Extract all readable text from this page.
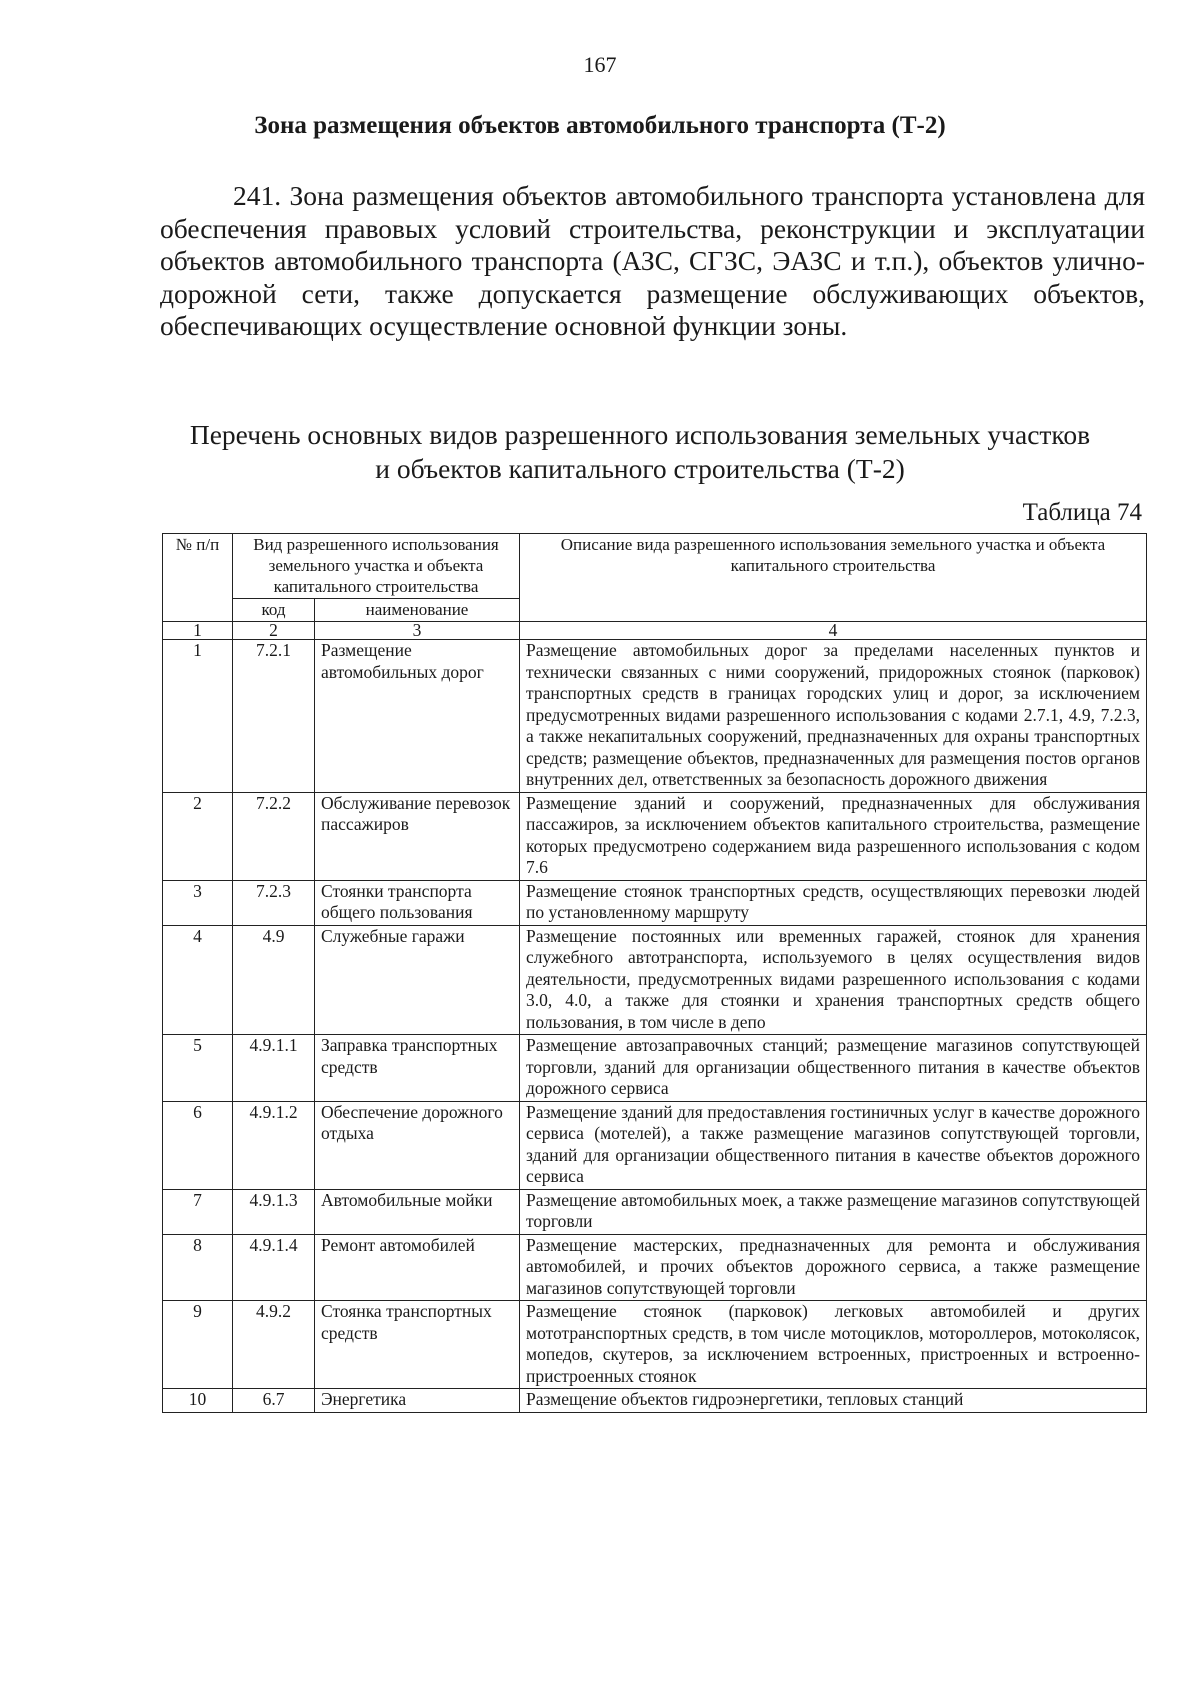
167
Зона размещения объектов автомобильного транспорта (Т-2)

241. Зона размещения объектов автомобильного транспорта установлена для обеспечения правовых условий строительства, реконструкции и эксплуатации объектов автомобильного транспорта (АЗС, СГЗС, ЭАЗС и т.п.), объектов улично-дорожной сети, также допускается размещение обслуживающих объектов, обеспечивающих осуществление основной функции зоны.

Перечень основных видов разрешенного использования земельных участков
и объектов капитального строительства (Т-2)
Таблица 74
№ п/п	Вид разрешенного использования земельного участка и объекта капитального строительства		Описание вида разрешенного использования земельного участка и объекта капитального строительства
	код	наименование	
1	2	3	4
1	7.2.1	Размещение автомобильных дорог	Размещение автомобильных дорог за пределами населенных пунктов и технически связанных с ними сооружений, придорожных стоянок (парковок) транспортных средств в границах городских улиц и дорог, за исключением предусмотренных видами разрешенного использования с кодами 2.7.1, 4.9, 7.2.3, а также некапитальных сооружений, предназначенных для охраны транспортных средств; размещение объектов, предназначенных для размещения постов органов внутренних дел, ответственных за безопасность дорожного движения
2	7.2.2	Обслуживание перевозок пассажиров	Размещение зданий и сооружений, предназначенных для обслуживания пассажиров, за исключением объектов капитального строительства, размещение которых предусмотрено содержанием вида разрешенного использования с кодом 7.6
3	7.2.3	Стоянки транспорта общего пользования	Размещение стоянок транспортных средств, осуществляющих перевозки людей по установленному маршруту
4	4.9	Служебные гаражи	Размещение постоянных или временных гаражей, стоянок для хранения служебного автотранспорта, используемого в целях осуществления видов деятельности, предусмотренных видами разрешенного использования с кодами 3.0, 4.0, а также для стоянки и хранения транспортных средств общего пользования, в том числе в депо
5	4.9.1.1	Заправка транспортных средств	Размещение автозаправочных станций; размещение магазинов сопутствующей торговли, зданий для организации общественного питания в качестве объектов дорожного сервиса
6	4.9.1.2	Обеспечение дорожного отдыха	Размещение зданий для предоставления гостиничных услуг в качестве дорожного сервиса (мотелей), а также размещение магазинов сопутствующей торговли, зданий для организации общественного питания в качестве объектов дорожного сервиса
7	4.9.1.3	Автомобильные мойки	Размещение автомобильных моек, а также размещение магазинов сопутствующей торговли
8	4.9.1.4	Ремонт автомобилей	Размещение мастерских, предназначенных для ремонта и обслуживания автомобилей, и прочих объектов дорожного сервиса, а также размещение магазинов сопутствующей торговли
9	4.9.2	Стоянка транспортных средств	Размещение стоянок (парковок) легковых автомобилей и других мототранспортных средств, в том числе мотоциклов, мотороллеров, мотоколясок, мопедов, скутеров, за исключением встроенных, пристроенных и встроенно-пристроенных стоянок
10	6.7	Энергетика	Размещение объектов гидроэнергетики, тепловых станций
